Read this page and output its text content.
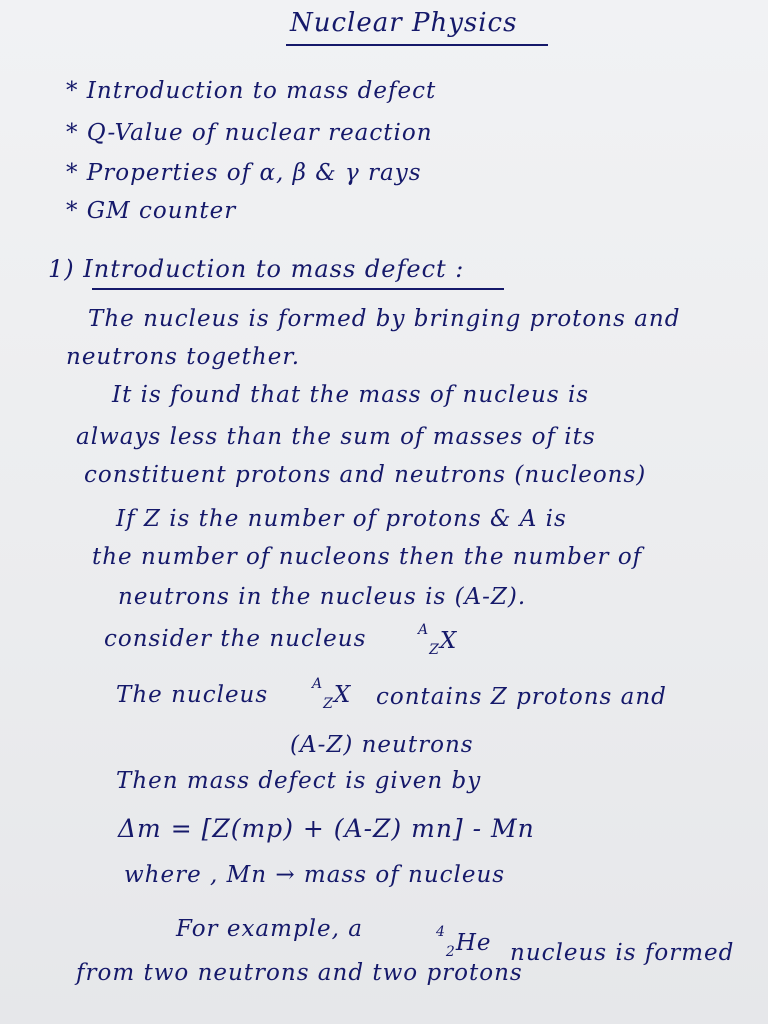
Nuclear Physics
* Introduction to mass defect
* Q-Value of nuclear reaction
* Properties of α, β & γ rays
* GM counter
1) Introduction to mass defect :
The nucleus is formed by bringing protons and
neutrons together.
It is found that the mass of nucleus is
always less than the sum of masses of its
constituent protons and neutrons (nucleons)
If Z is the number of protons & A is
the number of nucleons then the number of
neutrons in the nucleus is (A-Z).
consider the nucleus	$^A_Z$X
The nucleus	$^A_Z$X contains Z protons and
(A-Z) neutrons
Then mass defect is given by
Δm = [Z(mp) + (A-Z) mn] - Mn
where , Mn → mass of nucleus
For example, a	$^4_2$He nucleus is formed
from two neutrons and two protons
